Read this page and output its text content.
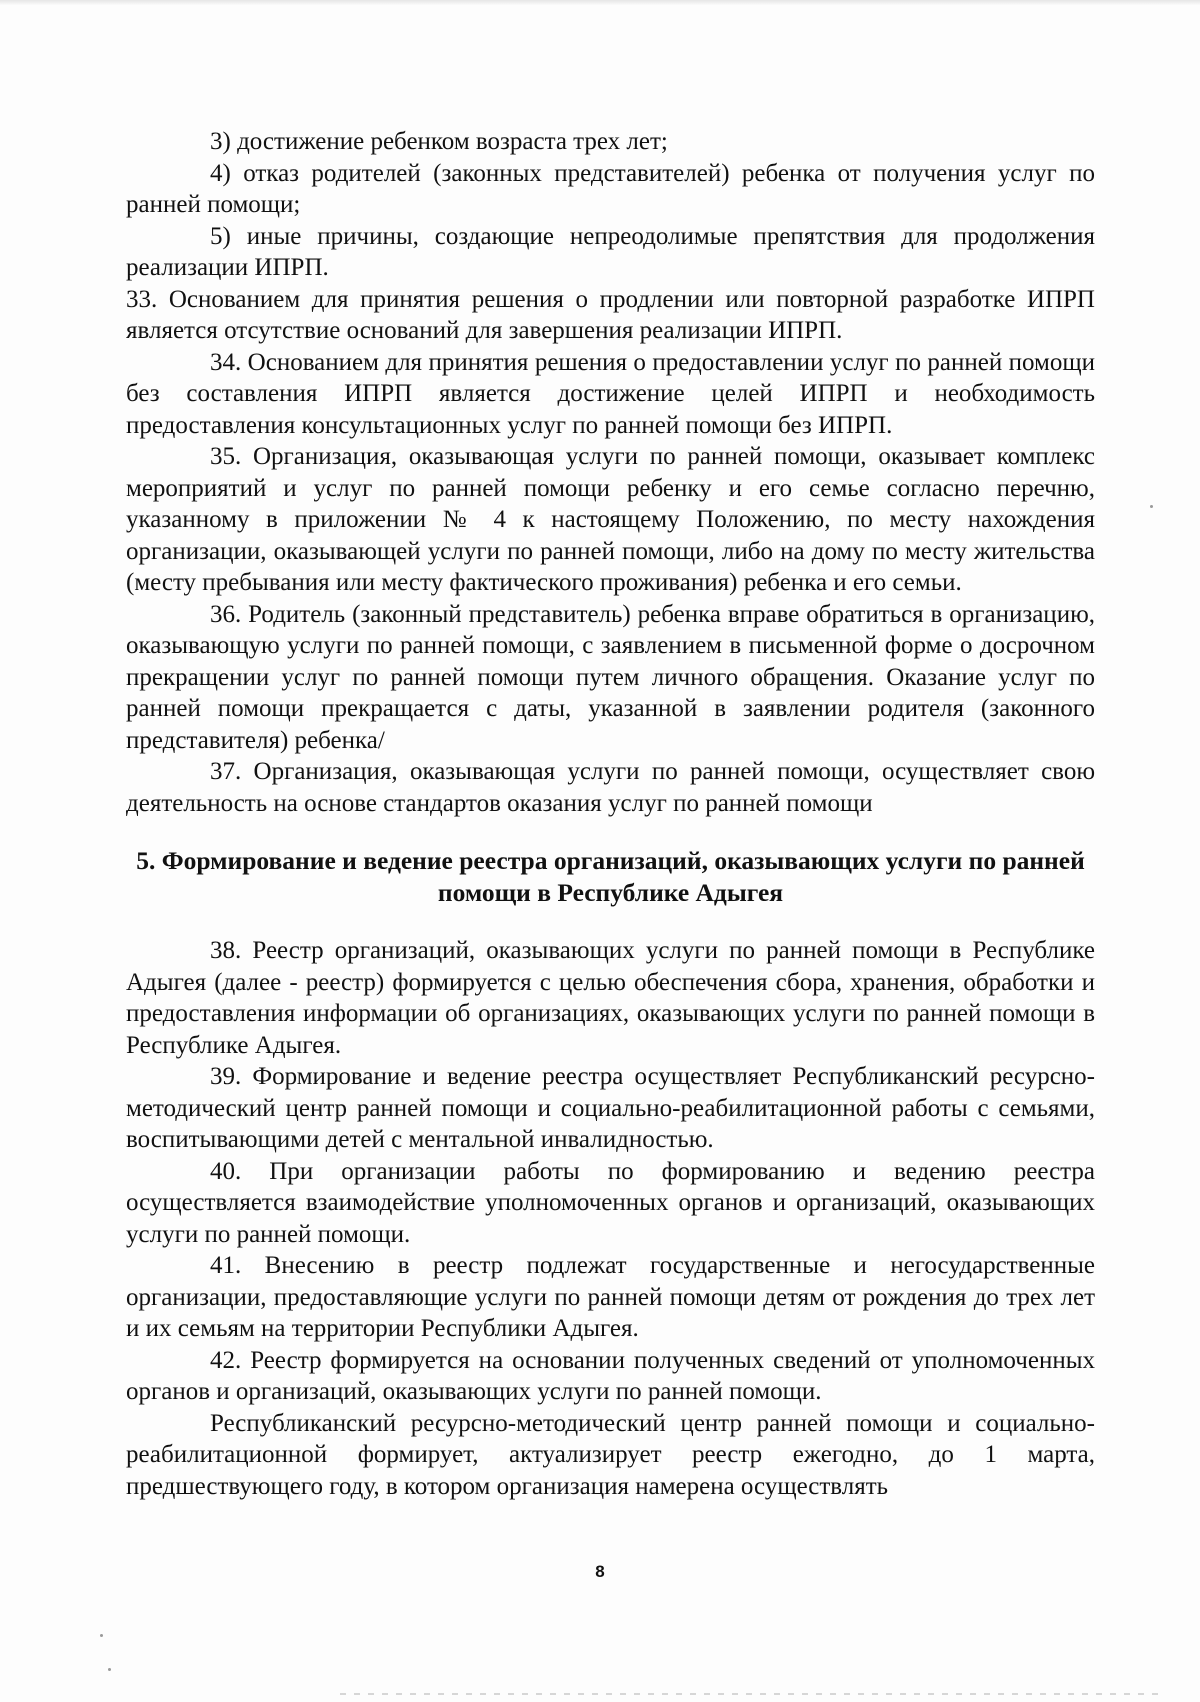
3) достижение ребенком возраста трех лет;

4) отказ родителей (законных представителей) ребенка от получения услуг по ранней помощи;

5) иные причины, создающие непреодолимые препятствия для продолжения реализации ИПРП.

33. Основанием для принятия решения о продлении или повторной разработке ИПРП является отсутствие оснований для завершения реализации ИПРП.

34. Основанием для принятия решения о предоставлении услуг по ранней помощи без составления ИПРП является достижение целей ИПРП и необходимость предоставления консультационных услуг по ранней помощи без ИПРП.

35. Организация, оказывающая услуги по ранней помощи, оказывает комплекс мероприятий и услуг по ранней помощи ребенку и его семье согласно перечню, указанному в приложении № 4 к настоящему Положению, по месту нахождения организации, оказывающей услуги по ранней помощи, либо на дому по месту жительства (месту пребывания или месту фактического проживания) ребенка и его семьи.

36. Родитель (законный представитель) ребенка вправе обратиться в организацию, оказывающую услуги по ранней помощи, с заявлением в письменной форме о досрочном прекращении услуг по ранней помощи путем личного обращения. Оказание услуг по ранней помощи прекращается с даты, указанной в заявлении родителя (законного представителя) ребенка/

37. Организация, оказывающая услуги по ранней помощи, осуществляет свою деятельность на основе стандартов оказания услуг по ранней помощи

5. Формирование и ведение реестра организаций, оказывающих услуги по ранней помощи в Республике Адыгея

38. Реестр организаций, оказывающих услуги по ранней помощи в Республике Адыгея (далее - реестр) формируется с целью обеспечения сбора, хранения, обработки и предоставления информации об организациях, оказывающих услуги по ранней помощи в Республике Адыгея.

39. Формирование и ведение реестра осуществляет Республиканский ресурсно-методический центр ранней помощи и социально-реабилитационной работы с семьями, воспитывающими детей с ментальной инвалидностью.

40. При организации работы по формированию и ведению реестра осуществляется взаимодействие уполномоченных органов и организаций, оказывающих услуги по ранней помощи.

41. Внесению в реестр подлежат государственные и негосударственные организации, предоставляющие услуги по ранней помощи детям от рождения до трех лет и их семьям на территории Республики Адыгея.

42. Реестр формируется на основании полученных сведений от уполномоченных органов и организаций, оказывающих услуги по ранней помощи.

Республиканский ресурсно-методический центр ранней помощи и социально-реабилитационной формирует, актуализирует реестр ежегодно, до 1 марта, предшествующего году, в котором организация намерена осуществлять

8
